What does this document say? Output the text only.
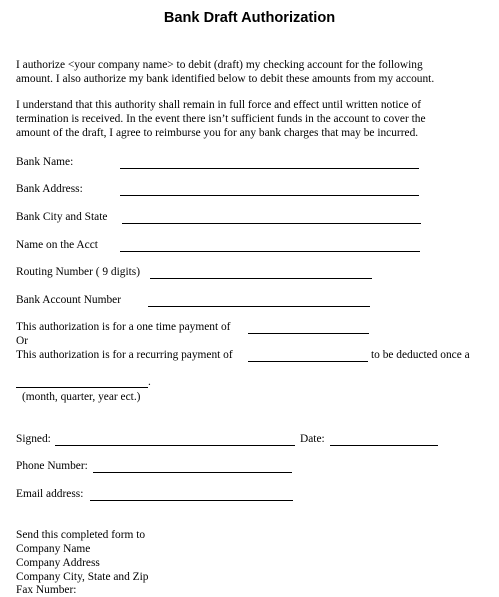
Bank Draft Authorization
I authorize <your company name> to debit (draft) my checking account for the following
amount. I also authorize my bank identified below to debit these amounts from my account.
I understand that this authority shall remain in full force and effect until written notice of
termination is received. In the event there isn’t sufficient funds in the account to cover the
amount of the draft, I agree to reimburse you for any bank charges that may be incurred.
Bank Name:
Bank Address:
Bank City and State
Name on the Acct
Routing Number ( 9 digits)
Bank Account Number
This authorization is for a one time payment of
Or
This authorization is for a recurring payment of	to be deducted once a
.
(month, quarter, year ect.)
Signed:	Date:
Phone Number:
Email address:
Send this completed form to
Company Name
Company Address
Company City, State and Zip
Fax Number:
